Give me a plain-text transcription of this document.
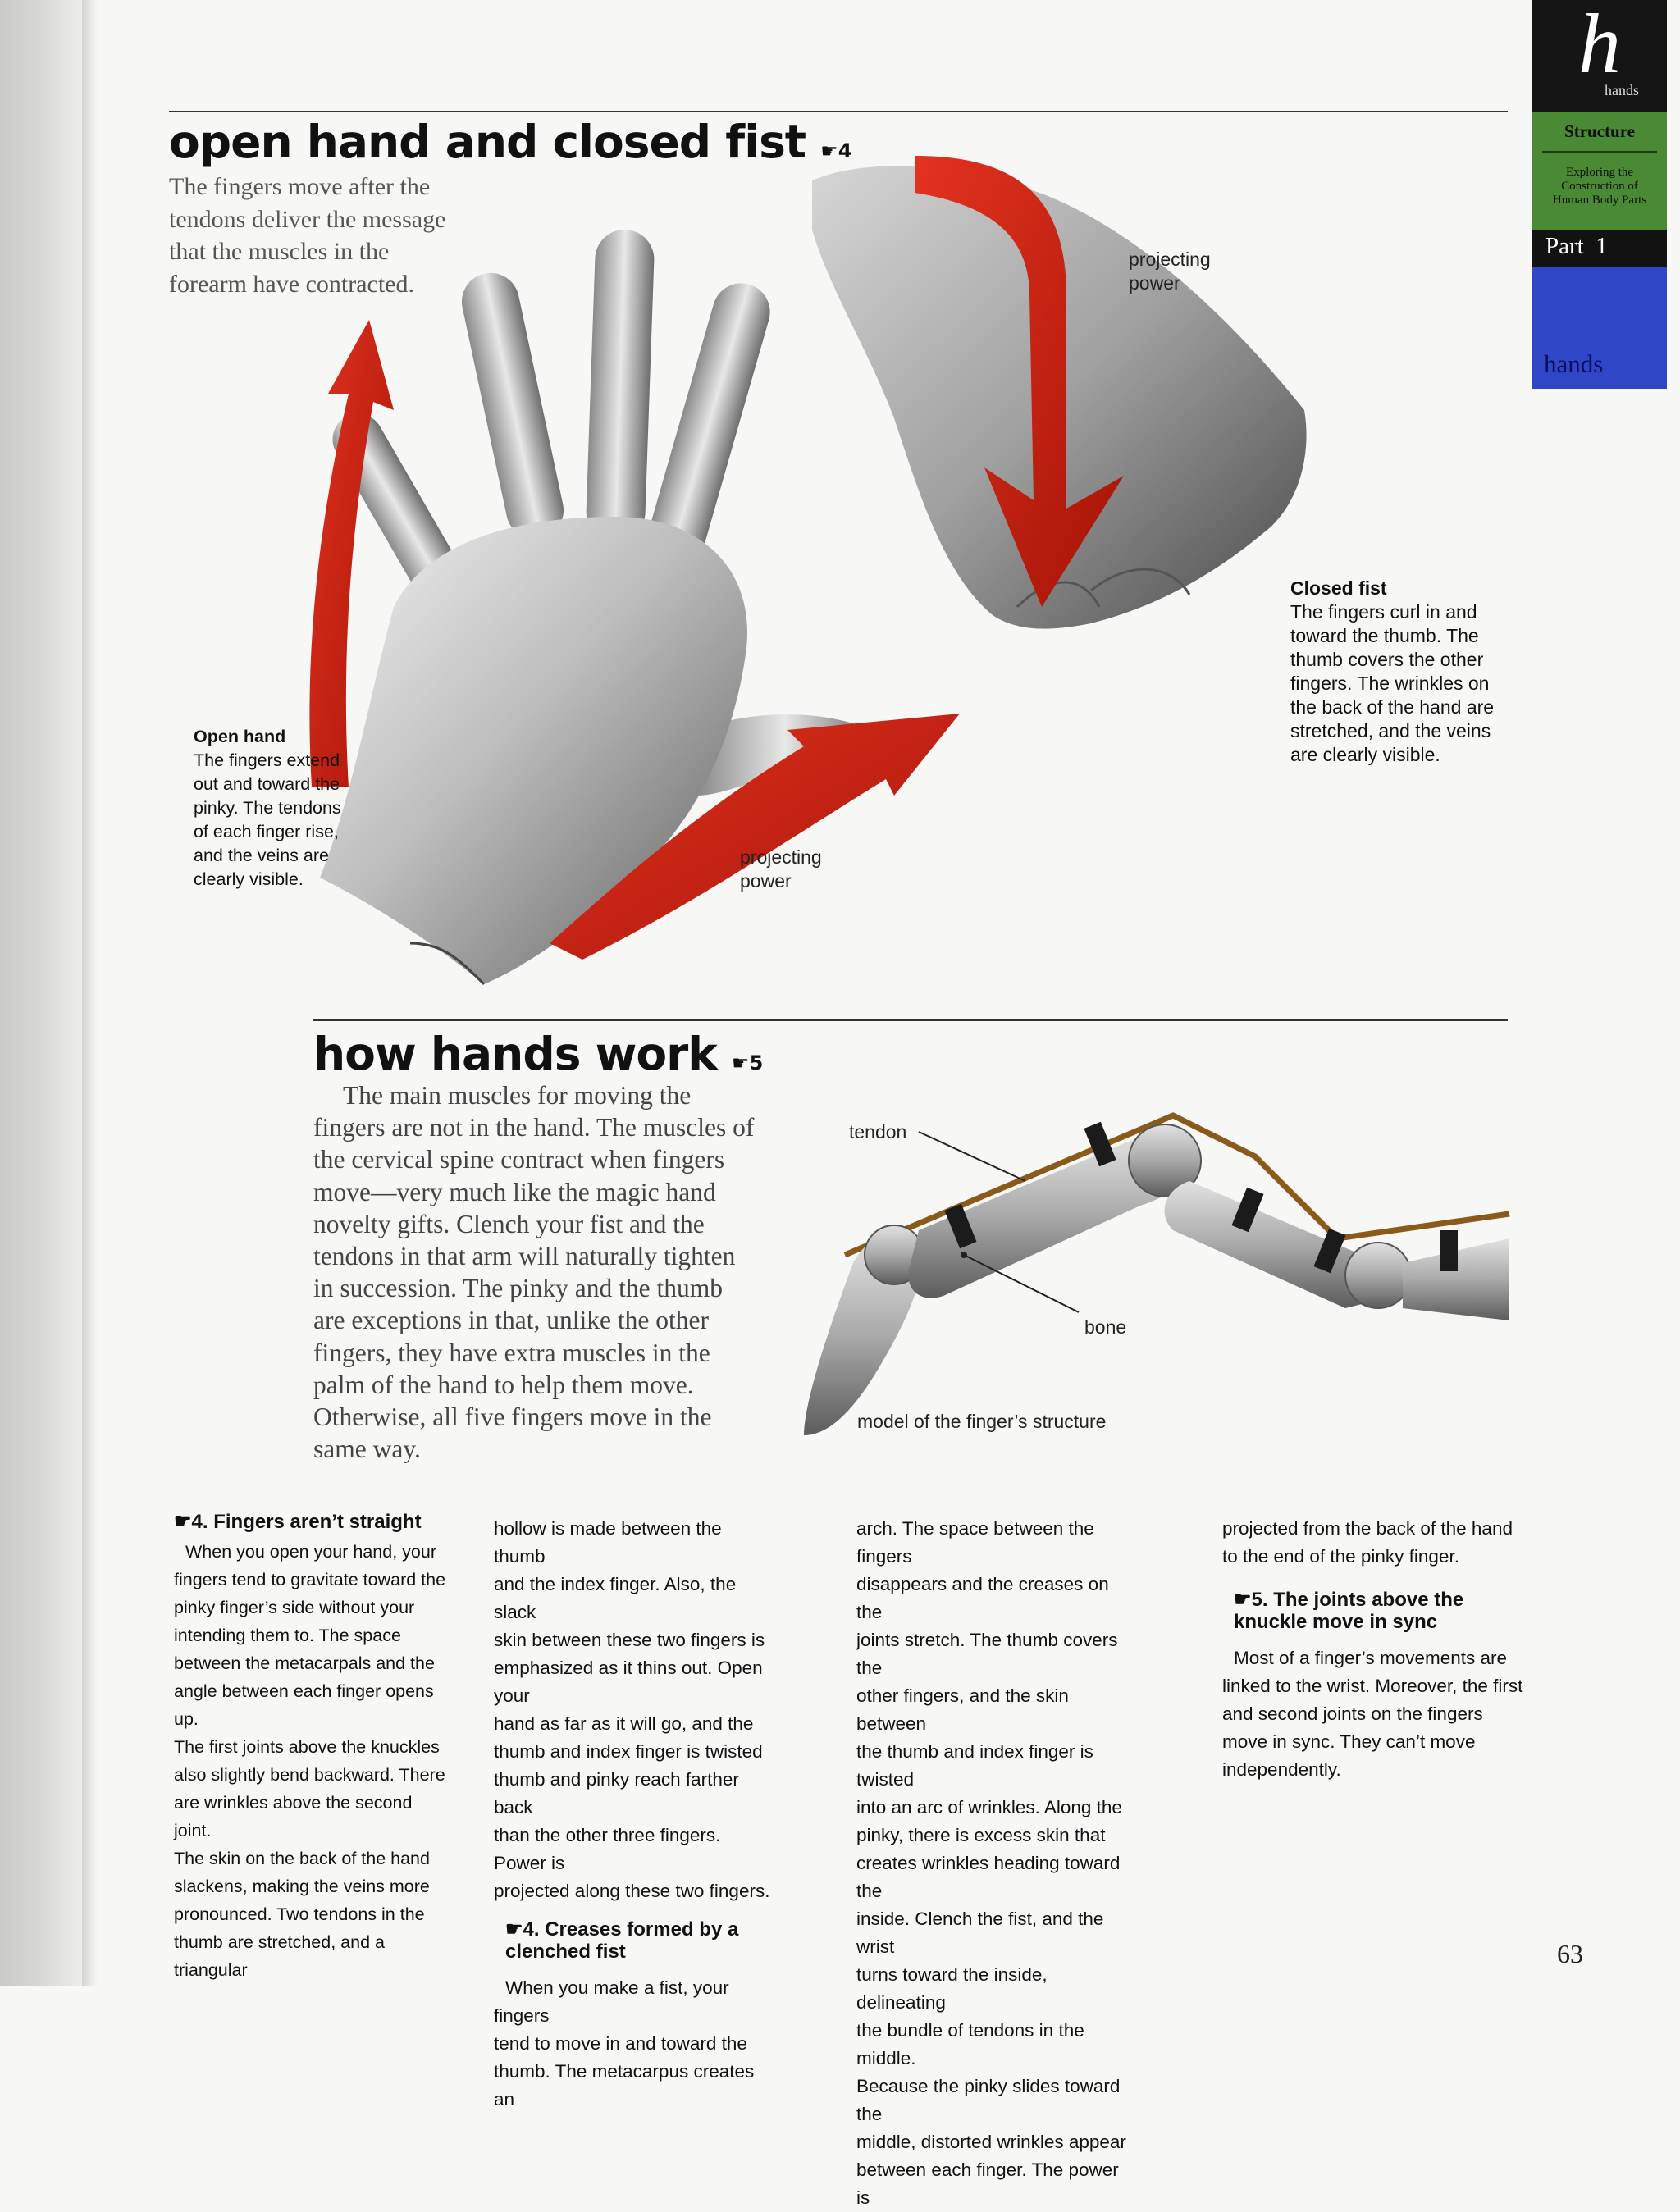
h
hands
Structure
Exploring the
Construction of
Human Body Parts
Part  1
hands
open hand and closed fist ☛4
The fingers move after the
tendons deliver the message
that the muscles in the
forearm have contracted.
projecting
power
projecting
power
Open hand
The fingers extend
out and toward the
pinky. The tendons
of each finger rise,
and the veins are
clearly visible.
Closed fist
The fingers curl in and
toward the thumb. The
thumb covers the other
fingers. The wrinkles on
the back of the hand are
stretched, and the veins
are clearly visible.
how hands work ☛5
The main muscles for moving the
fingers are not in the hand. The muscles of
the cervical spine contract when fingers
move—very much like the magic hand
novelty gifts. Clench your fist and the
tendons in that arm will naturally tighten
in succession. The pinky and the thumb
are exceptions in that, unlike the other
fingers, they have extra muscles in the
palm of the hand to help them move.
Otherwise, all five fingers move in the
same way.
tendon
bone
model of the finger’s structure

☛4. Fingers aren’t straight

When you open your hand, your

fingers tend to gravitate toward the

pinky finger’s side without your

intending them to. The space

between the metacarpals and the

angle between each finger opens up.

The first joints above the knuckles

also slightly bend backward. There

are wrinkles above the second joint.

The skin on the back of the hand

slackens, making the veins more

pronounced. Two tendons in the

thumb are stretched, and a triangular

hollow is made between the thumb

and the index finger. Also, the slack

skin between these two fingers is

emphasized as it thins out. Open your

hand as far as it will go, and the

thumb and index finger is twisted

thumb and pinky reach farther back

than the other three fingers. Power is

projected along these two fingers.

☛4. Creases formed by a

clenched fist

When you make a fist, your fingers

tend to move in and toward the

thumb. The metacarpus creates an

arch. The space between the fingers

disappears and the creases on the

joints stretch. The thumb covers the

other fingers, and the skin between

the thumb and index finger is twisted

into an arc of wrinkles. Along the

pinky, there is excess skin that

creates wrinkles heading toward the

inside. Clench the fist, and the wrist

turns toward the inside, delineating

the bundle of tendons in the middle.

Because the pinky slides toward the

middle, distorted wrinkles appear

between each finger. The power is

projected from the back of the hand

to the end of the pinky finger.

☛5. The joints above the

knuckle move in sync

Most of a finger’s movements are

linked to the wrist. Moreover, the first

and second joints on the fingers

move in sync. They can’t move

independently.

63
